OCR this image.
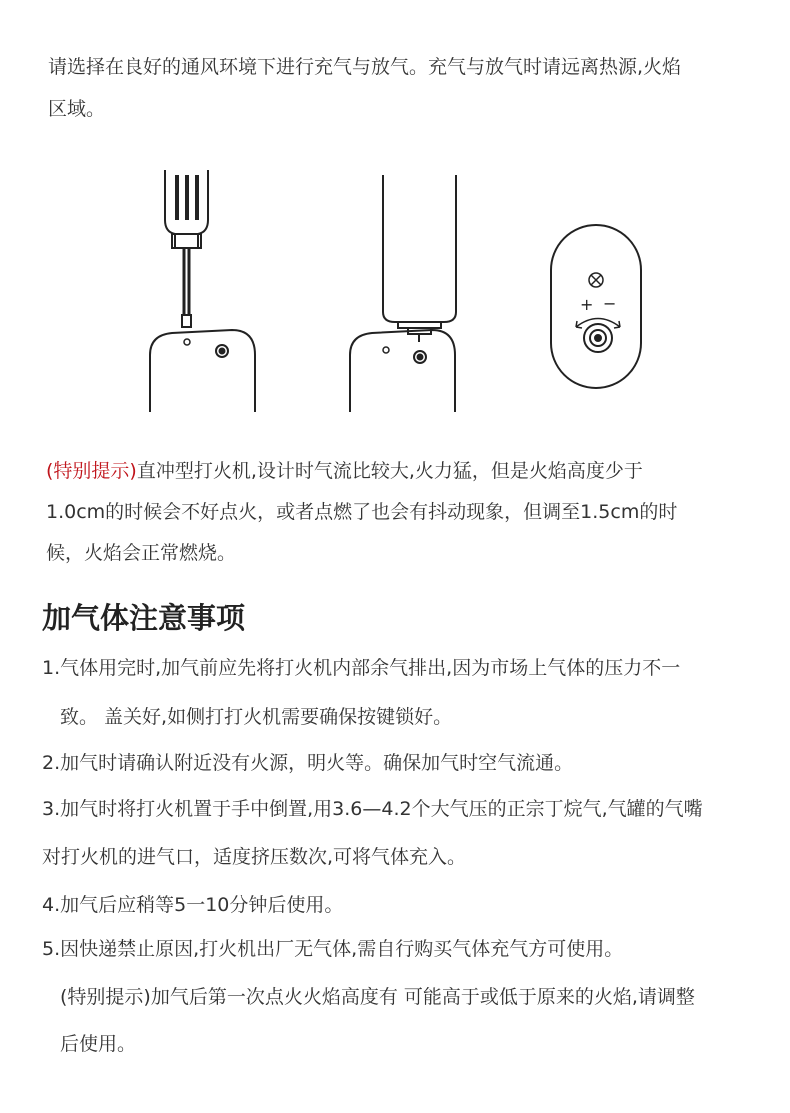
请选择在良好的通风环境下进行充气与放气。充气与放气时请远离热源,火焰
区域。
+ −
(特别提示)直冲型打火机,设计时气流比较大,火力猛，但是火焰高度少于
1.0cm的时候会不好点火，或者点燃了也会有抖动现象，但调至1.5cm的时
候，火焰会正常燃烧。
加气体注意事项
1.气体用完时,加气前应先将打火机内部余气排出,因为市场上气体的压力不一
致。 盖关好,如侧打打火机需要确保按键锁好。
2.加气时请确认附近没有火源，明火等。确保加气时空气流通。
3.加气时将打火机置于手中倒置,用3.6—4.2个大气压的正宗丁烷气,气罐的气嘴
对打火机的进气口，适度挤压数次,可将气体充入。
4.加气后应稍等5一10分钟后使用。
5.因快递禁止原因,打火机出厂无气体,需自行购买气体充气方可使用。
(特别提示)加气后第一次点火火焰高度有 可能高于或低于原来的火焰,请调整
后使用。
